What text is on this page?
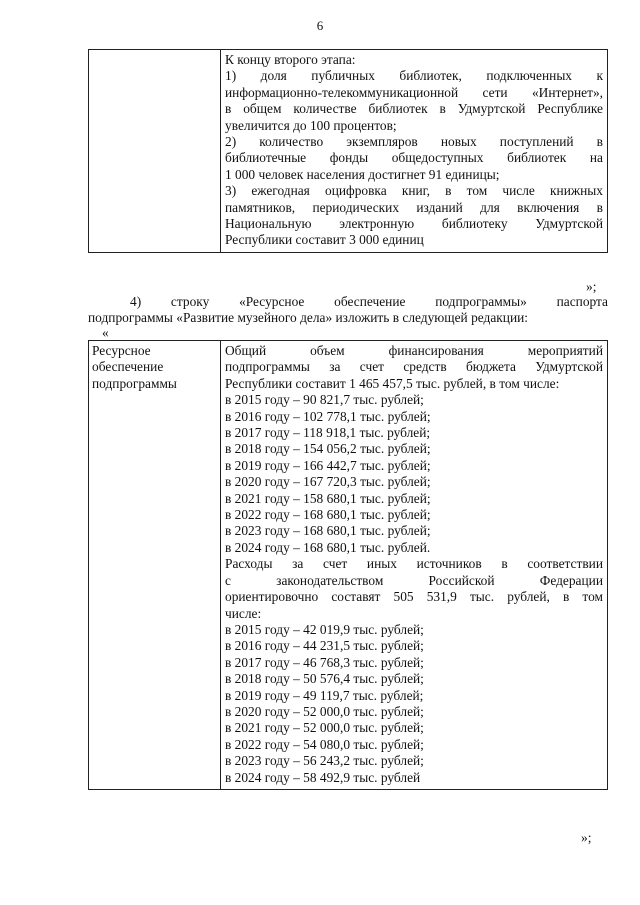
6

К концу второго этапа:
1) доля публичных библиотек, подключенных к
информационно-телекоммуникационной сети «Интернет»,
в общем количестве библиотек в Удмуртской Республике
увеличится до 100 процентов;
2) количество экземпляров новых поступлений в
библиотечные фонды общедоступных библиотек на
1 000 человек населения достигнет 91 единицы;
3) ежегодная оцифровка книг, в том числе книжных
памятников, периодических изданий для включения в
Национальную электронную библиотеку Удмуртской
Республики составит 3 000 единиц
»;
4) строку «Ресурсное обеспечение подпрограммы» паспорта
подпрограммы «Развитие музейного дела» изложить в следующей редакции:
«
Ресурсное
обеспечение
подпрограммы

Общий объем финансирования мероприятий
подпрограммы за счет средств бюджета Удмуртской
Республики составит 1 465 457,5 тыс. рублей, в том числе:
в 2015 году – 90 821,7 тыс. рублей;
в 2016 году – 102 778,1 тыс. рублей;
в 2017 году – 118 918,1 тыс. рублей;
в 2018 году – 154 056,2 тыс. рублей;
в 2019 году – 166 442,7 тыс. рублей;
в 2020 году – 167 720,3 тыс. рублей;
в 2021 году – 158 680,1 тыс. рублей;
в 2022 году – 168 680,1 тыс. рублей;
в 2023 году – 168 680,1 тыс. рублей;
в 2024 году – 168 680,1 тыс. рублей.
Расходы за счет иных источников в соответствии
с законодательством Российской Федерации
ориентировочно составят 505 531,9 тыс. рублей, в том
числе:
в 2015 году – 42 019,9 тыс. рублей;
в 2016 году – 44 231,5 тыс. рублей;
в 2017 году – 46 768,3 тыс. рублей;
в 2018 году – 50 576,4 тыс. рублей;
в 2019 году – 49 119,7 тыс. рублей;
в 2020 году – 52 000,0 тыс. рублей;
в 2021 году – 52 000,0 тыс. рублей;
в 2022 году – 54 080,0 тыс. рублей;
в 2023 году – 56 243,2 тыс. рублей;
в 2024 году – 58 492,9 тыс. рублей
»;
